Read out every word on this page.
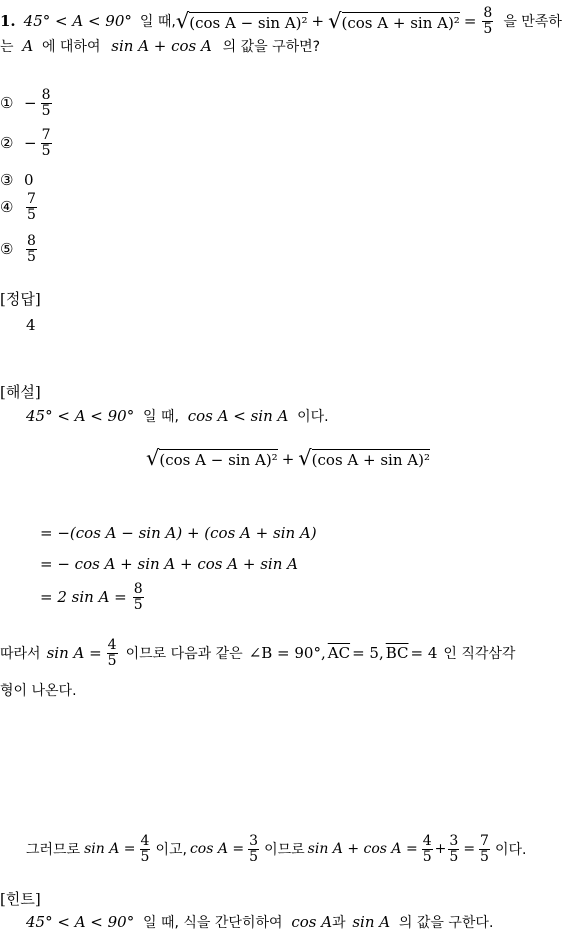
1. 45° < A < 90° 일 때, √ (cos A − sin A)² + √ (cos $A + \sin A)^2 = \frac{8}{5}$ 을 만족하
는 A 에 대하여 sin A + cos A 의 값을 구하면?
① − $\frac{8}{5}$
② − $\frac{7}{5}$
③ 0
④ $\frac{7}{5}$
⑤ $\frac{8}{5}$
[정답]
4
[해설]
45° < A < 90° 일 때, cos A < sin A 이다.
√ (cos A − sin A)² + √ (cos A + sin A)²
= −(cos A − sin A) + (cos A + sin A)
= − cos A + sin A + cos A + sin A
= 2 $\sin A = \frac{8}{5}$
따라서 $\sin A = \frac{4}{5}$ 이므로 다음과 같은 ∠B = 90°, $\overline{AC} = 5$, $\overline{BC} = 4$ 인 직각삼각
형이 나온다.
그러므로 $\sin A = \frac{4}{5}$ 이고, $\cos A = \frac{3}{5}$ 이므로 $\sin A + \cos A = \frac{4}{5} + \frac{3}{5} = \frac{7}{5}$ 이다.
[힌트]
45° < A < 90° 일 때, 식을 간단히하여 cos A과 sin A 의 값을 구한다.
